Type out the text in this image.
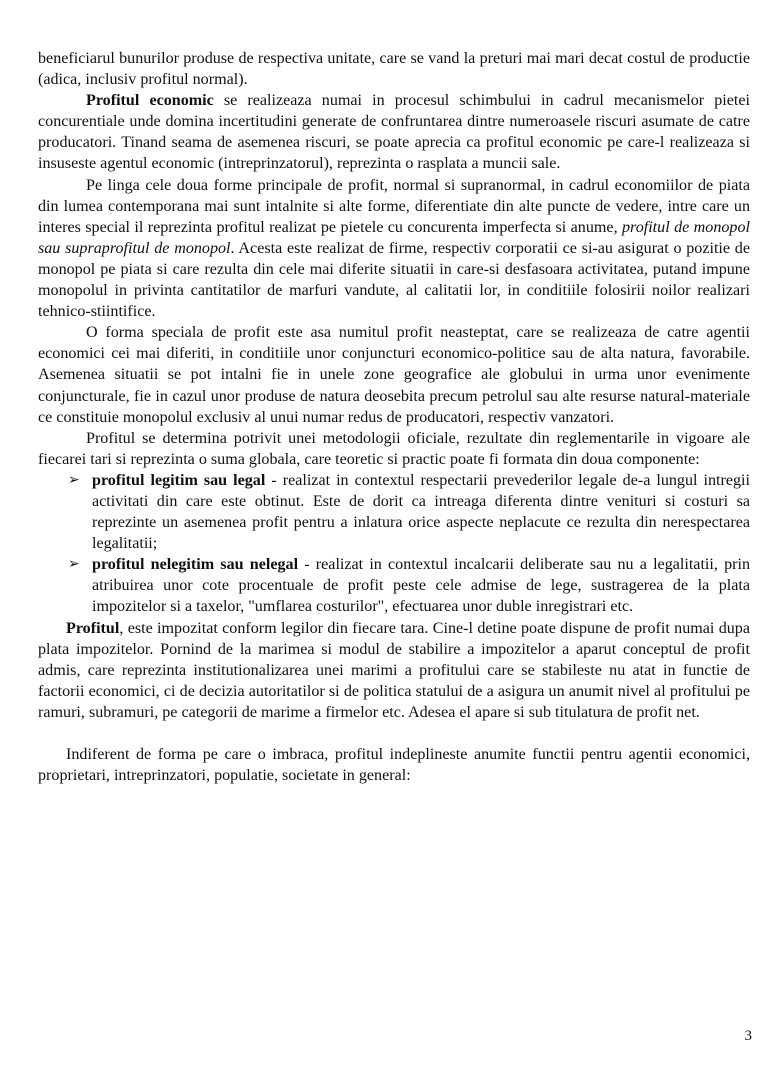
beneficiarul bunurilor produse de respectiva unitate, care se vand la preturi mai mari decat costul de productie (adica, inclusiv profitul normal).

Profitul economic se realizeaza numai in procesul schimbului in cadrul mecanismelor pietei concurentiale unde domina incertitudini generate de confruntarea dintre numeroasele riscuri asumate de catre producatori. Tinand seama de asemenea riscuri, se poate aprecia ca profitul economic pe care-l realizeaza si insuseste agentul economic (intreprinzatorul), reprezinta o rasplata a muncii sale.

Pe linga cele doua forme principale de profit, normal si supranormal, in cadrul economiilor de piata din lumea contemporana mai sunt intalnite si alte forme, diferentiate din alte puncte de vedere, intre care un interes special il reprezinta profitul realizat pe pietele cu concurenta imperfecta si anume, profitul de monopol sau supraprofitul de monopol. Acesta este realizat de firme, respectiv corporatii ce si-au asigurat o pozitie de monopol pe piata si care rezulta din cele mai diferite situatii in care-si desfasoara activitatea, putand impune monopolul in privinta cantitatilor de marfuri vandute, al calitatii lor, in conditiile folosirii noilor realizari tehnico-stiintifice.

O forma speciala de profit este asa numitul profit neasteptat, care se realizeaza de catre agentii economici cei mai diferiti, in conditiile unor conjuncturi economico-politice sau de alta natura, favorabile. Asemenea situatii se pot intalni fie in unele zone geografice ale globului in urma unor evenimente conjuncturale, fie in cazul unor produse de natura deosebita precum petrolul sau alte resurse natural-materiale ce constituie monopolul exclusiv al unui numar redus de producatori, respectiv vanzatori.

Profitul se determina potrivit unei metodologii oficiale, rezultate din reglementarile in vigoare ale fiecarei tari si reprezinta o suma globala, care teoretic si practic poate fi formata din doua componente:

➢ profitul legitim sau legal - realizat in contextul respectarii prevederilor legale de-a lungul intregii activitati din care este obtinut. Este de dorit ca intreaga diferenta dintre venituri si costuri sa reprezinte un asemenea profit pentru a inlatura orice aspecte neplacute ce rezulta din nerespectarea legalitatii;
➢ profitul nelegitim sau nelegal - realizat in contextul incalcarii deliberate sau nu a legalitatii, prin atribuirea unor cote procentuale de profit peste cele admise de lege, sustragerea de la plata impozitelor si a taxelor, "umflarea costurilor", efectuarea unor duble inregistrari etc.

Profitul, este impozitat conform legilor din fiecare tara. Cine-l detine poate dispune de profit numai dupa plata impozitelor. Pornind de la marimea si modul de stabilire a impozitelor a aparut conceptul de profit admis, care reprezinta institutionalizarea unei marimi a profitului care se stabileste nu atat in functie de factorii economici, ci de decizia autoritatilor si de politica statului de a asigura un anumit nivel al profitului pe ramuri, subramuri, pe categorii de marime a firmelor etc. Adesea el apare si sub titulatura de profit net.

Indiferent de forma pe care o imbraca, profitul indeplineste anumite functii pentru agentii economici, proprietari, intreprinzatori, populatie, societate in general:

3
